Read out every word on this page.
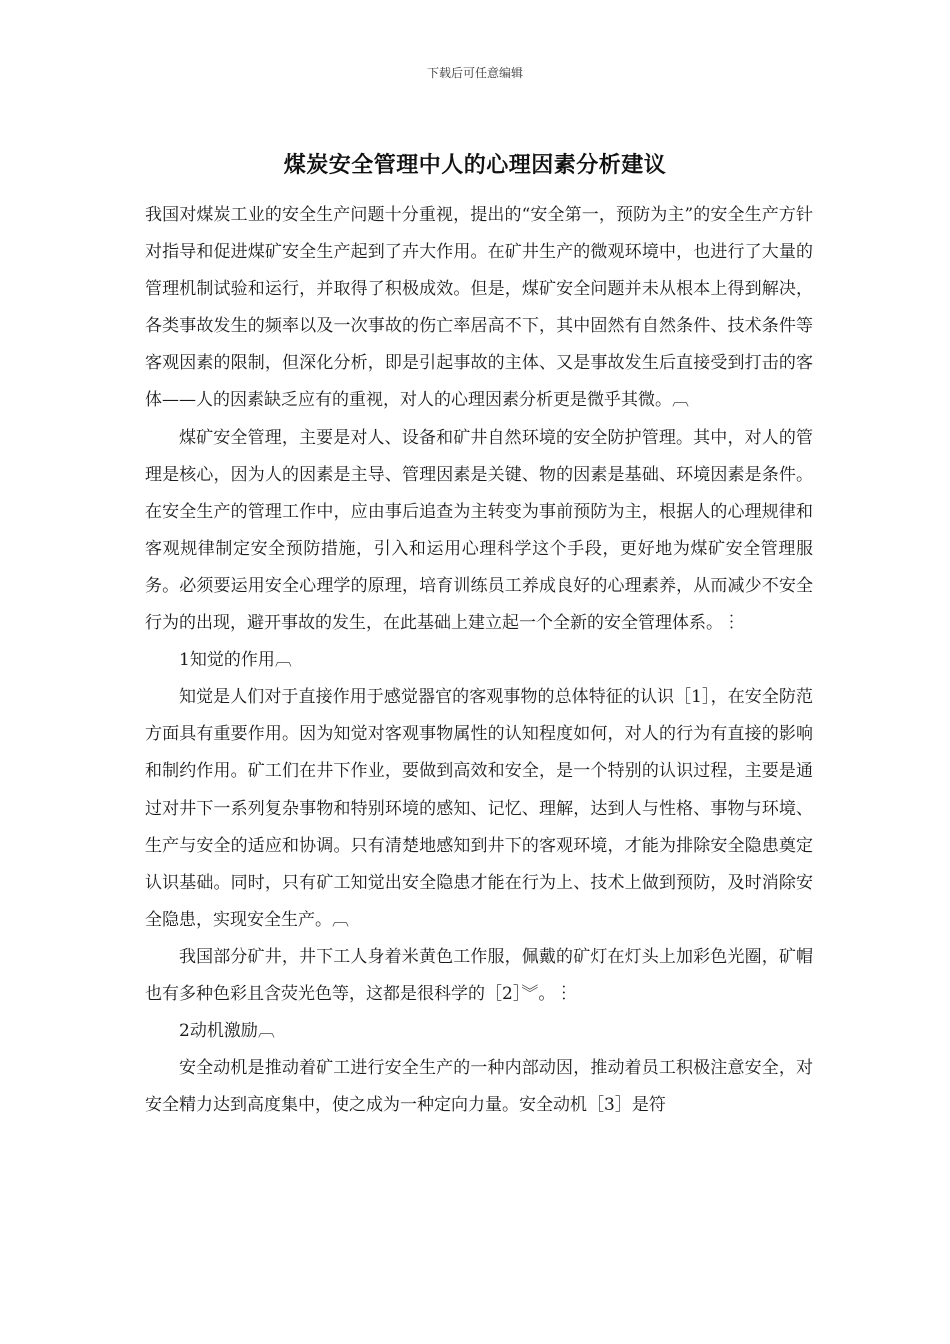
下载后可任意编辑
煤炭安全管理中人的心理因素分析建议

我国对煤炭工业的安全生产问题十分重视，提出的“安全第一，预防为主”的安全生产方针对指导和促进煤矿安全生产起到了卉大作用。在矿井生产的微观环境中，也进行了大量的管理机制试验和运行，并取得了积极成效。但是，煤矿安全问题并未从根本上得到解决，各类事故发生的频率以及一次事故的伤亡率居高不下，其中固然有自然条件、技术条件等客观因素的限制，但深化分析，即是引起事故的主体、又是事故发生后直接受到打击的客体——人的因素缺乏应有的重视，对人的心理因素分析更是微乎其微。︹

煤矿安全管理，主要是对人、设备和矿井自然环境的安全防护管理。其中，对人的管理是核心，因为人的因素是主导、管理因素是关键、物的因素是基础、环境因素是条件。在安全生产的管理工作中，应由事后追查为主转变为事前预防为主，根据人的心理规律和客观规律制定安全预防措施，引入和运用心理科学这个手段，更好地为煤矿安全管理服务。必须要运用安全心理学的原理，培育训练员工养成良好的心理素养，从而减少不安全行为的出现，避开事故的发生，在此基础上建立起一个全新的安全管理体系。︙

1知觉的作用︹

知觉是人们对于直接作用于感觉器官的客观事物的总体特征的认识［1］，在安全防范方面具有重要作用。因为知觉对客观事物属性的认知程度如何，对人的行为有直接的影响和制约作用。矿工们在井下作业，要做到高效和安全，是一个特别的认识过程，主要是通过对井下一系列复杂事物和特别环境的感知、记忆、理解，达到人与性格、事物与环境、生产与安全的适应和协调。只有清楚地感知到井下的客观环境，才能为排除安全隐患奠定认识基础。同时，只有矿工知觉出安全隐患才能在行为上、技术上做到预防，及时消除安全隐患，实现安全生产。︹

我国部分矿井，井下工人身着米黄色工作服，佩戴的矿灯在灯头上加彩色光圈，矿帽也有多种色彩且含荧光色等，这都是很科学的［2］︾。︙

2动机激励︹

安全动机是推动着矿工进行安全生产的一种内部动因，推动着员工积极注意安全，对安全精力达到高度集中，使之成为一种定向力量。安全动机［3］是符
